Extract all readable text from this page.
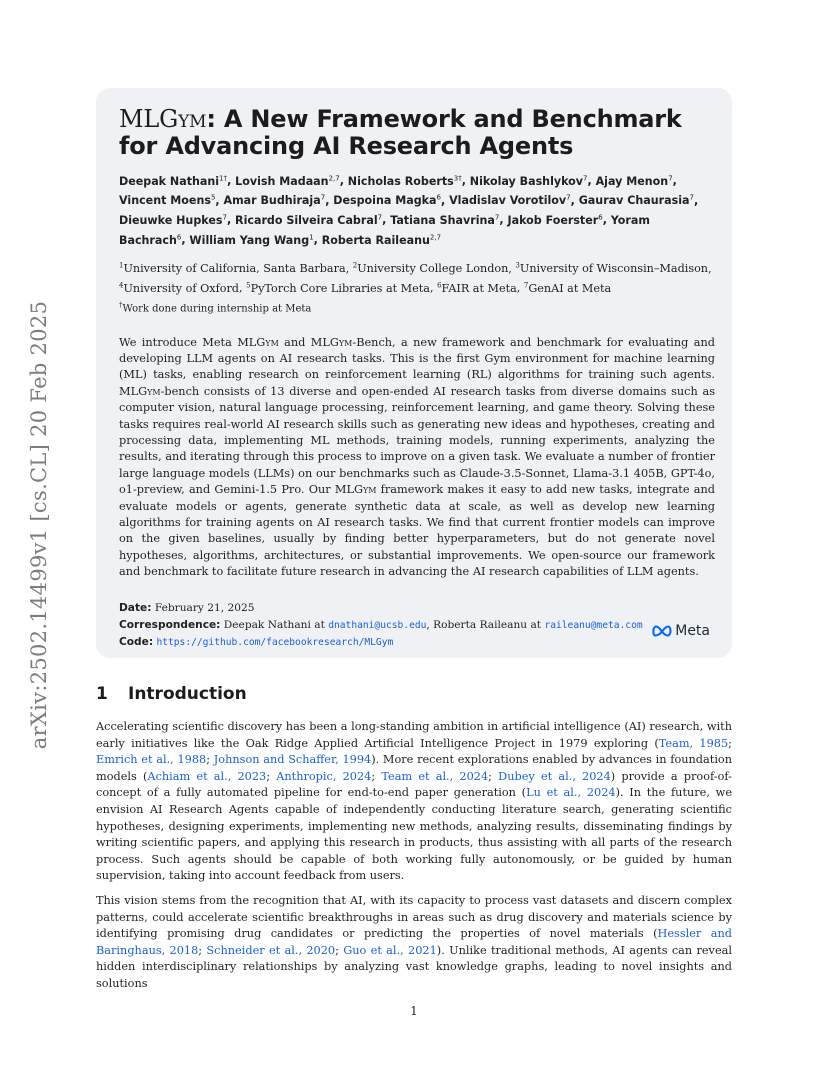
arXiv:2502.14499v1 [cs.CL] 20 Feb 2025
MLGym: A New Framework and Benchmark for Advancing AI Research Agents
Deepak Nathani$^{1\dagger}$, Lovish Madaan$^{2,7}$, Nicholas Roberts$^{3\dagger}$, Nikolay Bashlykov$^7$, Ajay Menon$^7$, Vincent Moens$^5$, Amar Budhiraja$^7$, Despoina Magka$^6$, Vladislav Vorotilov$^7$, Gaurav Chaurasia$^7$, Dieuwke Hupkes$^7$, Ricardo Silveira Cabral$^7$, Tatiana Shavrina$^7$, Jakob Foerster$^6$, Yoram Bachrach$^6$, William Yang Wang$^1$, Roberta Raileanu$^{2,7}$
$^1$University of California, Santa Barbara, $^2$University College London, $^3$University of Wisconsin–Madison, $^4$University of Oxford, $^5$PyTorch Core Libraries at Meta, $^6$FAIR at Meta, $^7$GenAI at Meta
†Work done during internship at Meta
We introduce Meta MLGym and MLGym-Bench, a new framework and benchmark for evaluating and developing LLM agents on AI research tasks. This is the first Gym environment for machine learning (ML) tasks, enabling research on reinforcement learning (RL) algorithms for training such agents. MLGym-bench consists of 13 diverse and open-ended AI research tasks from diverse domains such as computer vision, natural language processing, reinforcement learning, and game theory. Solving these tasks requires real-world AI research skills such as generating new ideas and hypotheses, creating and processing data, implementing ML methods, training models, running experiments, analyzing the results, and iterating through this process to improve on a given task. We evaluate a number of frontier large language models (LLMs) on our benchmarks such as Claude-3.5-Sonnet, Llama-3.1 405B, GPT-4o, o1-preview, and Gemini-1.5 Pro. Our MLGym framework makes it easy to add new tasks, integrate and evaluate models or agents, generate synthetic data at scale, as well as develop new learning algorithms for training agents on AI research tasks. We find that current frontier models can improve on the given baselines, usually by finding better hyperparameters, but do not generate novel hypotheses, algorithms, architectures, or substantial improvements. We open-source our framework and benchmark to facilitate future research in advancing the AI research capabilities of LLM agents.
Date: February 21, 2025
Correspondence: Deepak Nathani at dnathani@ucsb.edu, Roberta Raileanu at raileanu@meta.com
Code: https://github.com/facebookresearch/MLGym
Meta
1 Introduction

Accelerating scientific discovery has been a long-standing ambition in artificial intelligence (AI) research, with early initiatives like the Oak Ridge Applied Artificial Intelligence Project in 1979 exploring (Team, 1985; Emrich et al., 1988; Johnson and Schaffer, 1994). More recent explorations enabled by advances in foundation models (Achiam et al., 2023; Anthropic, 2024; Team et al., 2024; Dubey et al., 2024) provide a proof-of-concept of a fully automated pipeline for end-to-end paper generation (Lu et al., 2024). In the future, we envision AI Research Agents capable of independently conducting literature search, generating scientific hypotheses, designing experiments, implementing new methods, analyzing results, disseminating findings by writing scientific papers, and applying this research in products, thus assisting with all parts of the research process. Such agents should be capable of both working fully autonomously, or be guided by human supervision, taking into account feedback from users.

This vision stems from the recognition that AI, with its capacity to process vast datasets and discern complex patterns, could accelerate scientific breakthroughs in areas such as drug discovery and materials science by identifying promising drug candidates or predicting the properties of novel materials (Hessler and Baringhaus, 2018; Schneider et al., 2020; Guo et al., 2021). Unlike traditional methods, AI agents can reveal hidden interdisciplinary relationships by analyzing vast knowledge graphs, leading to novel insights and solutions

1
